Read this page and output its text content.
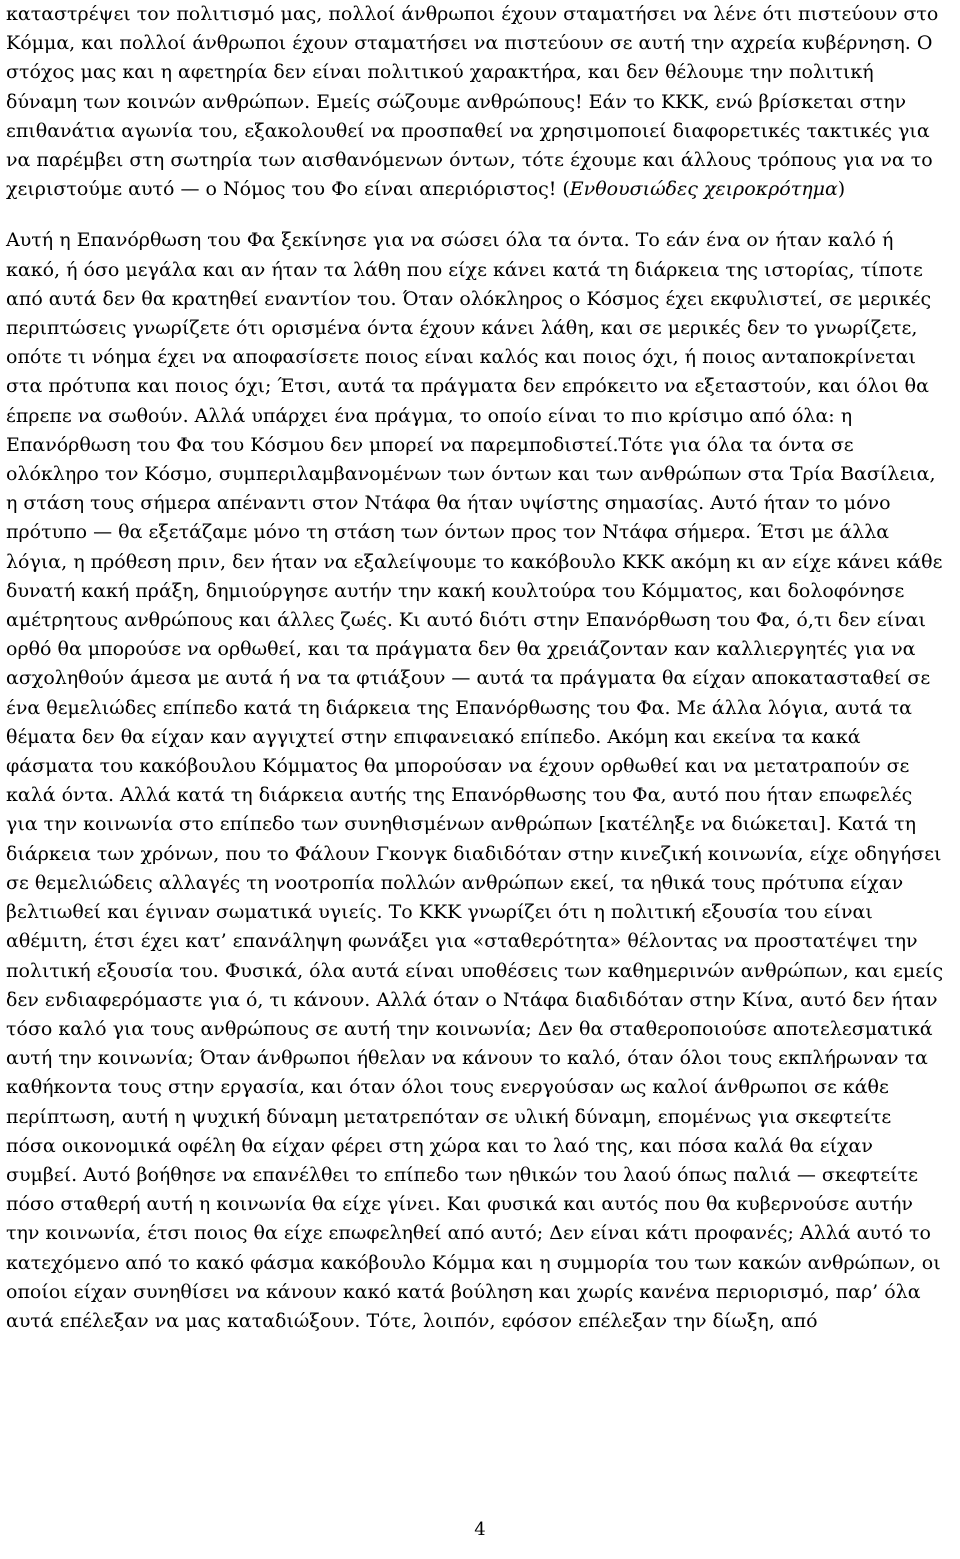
καταστρέψει τον πολιτισμό μας, πολλοί άνθρωποι έχουν σταματήσει να λένε ότι πιστεύουν στο Κόμμα, και πολλοί άνθρωποι έχουν σταματήσει να πιστεύουν σε αυτή την αχρεία κυβέρνηση. Ο στόχος μας και η αφετηρία δεν είναι πολιτικού χαρακτήρα, και δεν θέλουμε την πολιτική δύναμη των κοινών ανθρώπων. Εμείς σώζουμε ανθρώπους! Εάν το ΚΚΚ, ενώ βρίσκεται στην επιθανάτια αγωνία του, εξακολουθεί να προσπαθεί να χρησιμοποιεί διαφορετικές τακτικές για να παρέμβει στη σωτηρία των αισθανόμενων όντων, τότε έχουμε και άλλους τρόπους για να το χειριστούμε αυτό — ο Νόμος του Φο είναι απεριόριστος! (Ενθουσιώδες χειροκρότημα)

Αυτή η Επανόρθωση του Φα ξεκίνησε για να σώσει όλα τα όντα. Το εάν ένα ον ήταν καλό ή κακό, ή όσο μεγάλα και αν ήταν τα λάθη που είχε κάνει κατά τη διάρκεια της ιστορίας, τίποτε από αυτά δεν θα κρατηθεί εναντίον του. Όταν ολόκληρος ο Κόσμος έχει εκφυλιστεί, σε μερικές περιπτώσεις γνωρίζετε ότι ορισμένα όντα έχουν κάνει λάθη, και σε μερικές δεν το γνωρίζετε, οπότε τι νόημα έχει να αποφασίσετε ποιος είναι καλός και ποιος όχι, ή ποιος ανταποκρίνεται στα πρότυπα και ποιος όχι; Έτσι, αυτά τα πράγματα δεν επρόκειτο να εξεταστούν, και όλοι θα έπρεπε να σωθούν. Αλλά υπάρχει ένα πράγμα, το οποίο είναι το πιο κρίσιμο από όλα: η Επανόρθωση του Φα του Κόσμου δεν μπορεί να παρεμποδιστεί.Τότε για όλα τα όντα σε ολόκληρο τον Κόσμο, συμπεριλαμβανομένων των όντων και των ανθρώπων στα Τρία Βασίλεια, η στάση τους σήμερα απέναντι στον Ντάφα θα ήταν υψίστης σημασίας. Αυτό ήταν το μόνο πρότυπο — θα εξετάζαμε μόνο τη στάση των όντων προς τον Ντάφα σήμερα. Έτσι με άλλα λόγια, η πρόθεση πριν, δεν ήταν να εξαλείψουμε το κακόβουλο ΚΚΚ ακόμη κι αν είχε κάνει κάθε δυνατή κακή πράξη, δημιούργησε αυτήν την κακή κουλτούρα του Κόμματος, και δολοφόνησε αμέτρητους ανθρώπους και άλλες ζωές. Κι αυτό διότι στην Επανόρθωση του Φα, ό,τι δεν είναι ορθό θα μπορούσε να ορθωθεί, και τα πράγματα δεν θα χρειάζονταν καν καλλιεργητές για να ασχοληθούν άμεσα με αυτά ή να τα φτιάξουν — αυτά τα πράγματα θα είχαν αποκατασταθεί σε ένα θεμελιώδες επίπεδο κατά τη διάρκεια της Επανόρθωσης του Φα. Με άλλα λόγια, αυτά τα θέματα δεν θα είχαν καν αγγιχτεί στην επιφανειακό επίπεδο. Ακόμη και εκείνα τα κακά φάσματα του κακόβουλου Κόμματος θα μπορούσαν να έχουν ορθωθεί και να μετατραπούν σε καλά όντα. Αλλά κατά τη διάρκεια αυτής της Επανόρθωσης του Φα, αυτό που ήταν επωφελές για την κοινωνία στο επίπεδο των συνηθισμένων ανθρώπων [κατέληξε να διώκεται]. Κατά τη διάρκεια των χρόνων, που το Φάλουν Γκονγκ διαδιδόταν στην κινεζική κοινωνία, είχε οδηγήσει σε θεμελιώδεις αλλαγές τη νοοτροπία πολλών ανθρώπων εκεί, τα ηθικά τους πρότυπα είχαν βελτιωθεί και έγιναν σωματικά υγιείς. Το ΚΚΚ γνωρίζει ότι η πολιτική εξουσία του είναι αθέμιτη, έτσι έχει κατ’ επανάληψη φωνάξει για «σταθερότητα» θέλοντας να προστατέψει την πολιτική εξουσία του. Φυσικά, όλα αυτά είναι υποθέσεις των καθημερινών ανθρώπων, και εμείς δεν ενδιαφερόμαστε για ό, τι κάνουν. Αλλά όταν ο Ντάφα διαδιδόταν στην Κίνα, αυτό δεν ήταν τόσο καλό για τους ανθρώπους σε αυτή την κοινωνία; Δεν θα σταθεροποιούσε αποτελεσματικά αυτή την κοινωνία; Όταν άνθρωποι ήθελαν να κάνουν το καλό, όταν όλοι τους εκπλήρωναν τα καθήκοντα τους στην εργασία, και όταν όλοι τους ενεργούσαν ως καλοί άνθρωποι σε κάθε περίπτωση, αυτή η ψυχική δύναμη μετατρεπόταν σε υλική δύναμη, επομένως για σκεφτείτε πόσα οικονομικά οφέλη θα είχαν φέρει στη χώρα και το λαό της, και πόσα καλά θα είχαν συμβεί. Αυτό βοήθησε να επανέλθει το επίπεδο των ηθικών του λαού όπως παλιά — σκεφτείτε πόσο σταθερή αυτή η κοινωνία θα είχε γίνει. Και φυσικά και αυτός που θα κυβερνούσε αυτήν την κοινωνία, έτσι ποιος θα είχε επωφεληθεί από αυτό; Δεν είναι κάτι προφανές; Αλλά αυτό το κατεχόμενο από το κακό φάσμα κακόβουλο Κόμμα και η συμμορία του των κακών ανθρώπων, οι οποίοι είχαν συνηθίσει να κάνουν κακό κατά βούληση και χωρίς κανένα περιορισμό, παρ’ όλα αυτά επέλεξαν να μας καταδιώξουν. Τότε, λοιπόν, εφόσον επέλεξαν την δίωξη, από

4
